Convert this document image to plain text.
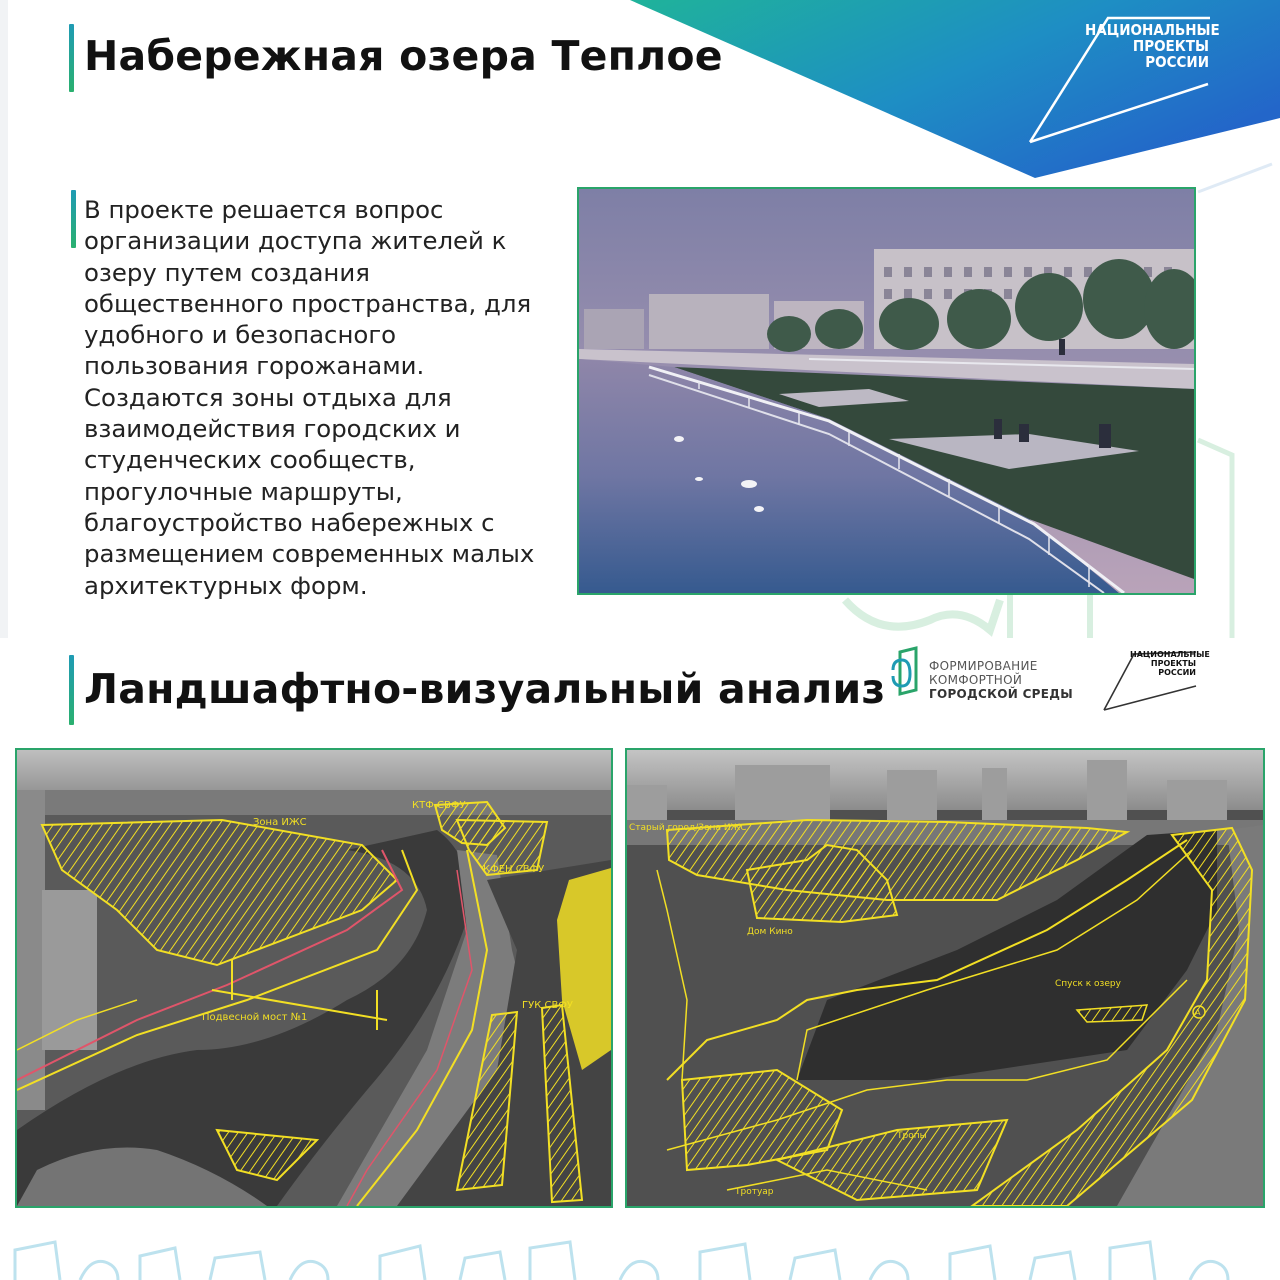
НАЦИОНАЛЬНЫЕ
ПРОЕКТЫ
РОССИИ
Набережная озера Теплое
В проекте решается вопрос
организации доступа жителей к
озеру путем создания
общественного пространства, для
удобного и безопасного
пользования горожанами.
Создаются зоны отдыха для
взаимодействия городских и
студенческих сообществ,
прогулочные маршруты,
благоустройство набережных с
размещением современных малых
архитектурных форм.
Ландшафтно-визуальный анализ	ФОРМИРОВАНИЕ
КОМФОРТНОЙ
ГОРОДСКОЙ СРЕДЫ
НАЦИОНАЛЬНЫЕ
ПРОЕКТЫ
РОССИИ
Зона ИЖС
КТФ СВФУ
КФЕН СВФУ
ГУК СВФУ
Подвесной мост №1
Старый город/Зона ИЖС
Дом Кино
Спуск к озеру
А
Тропы
Тротуар
